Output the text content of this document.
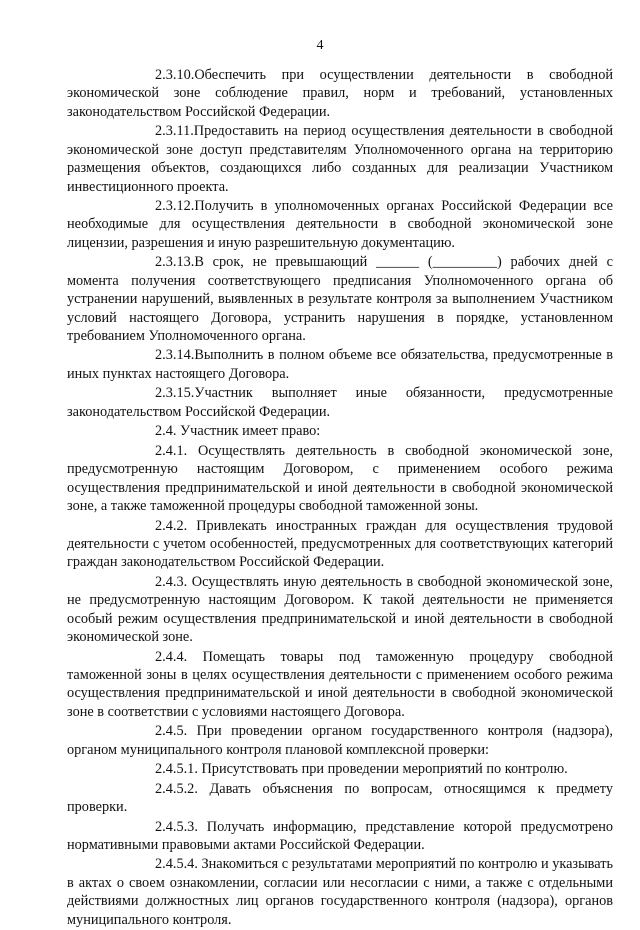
4

2.3.10.Обеспечить при осуществлении деятельности в свободной экономической зоне соблюдение правил, норм и требований, установленных законодательством Российской Федерации.

2.3.11.Предоставить на период осуществления деятельности в свободной экономической зоне доступ представителям Уполномоченного органа на территорию размещения объектов, создающихся либо созданных для реализации Участником инвестиционного проекта.

2.3.12.Получить в уполномоченных органах Российской Федерации все необходимые для осуществления деятельности в свободной экономической зоне лицензии, разрешения и иную разрешительную документацию.

2.3.13.В срок, не превышающий ______ (_________) рабочих дней с момента получения соответствующего предписания Уполномоченного органа об устранении нарушений, выявленных в результате контроля за выполнением Участником условий настоящего Договора, устранить нарушения в порядке, установленном требованием Уполномоченного органа.

2.3.14.Выполнить в полном объеме все обязательства, предусмотренные в иных пунктах настоящего Договора.

2.3.15.Участник выполняет иные обязанности, предусмотренные законодательством Российской Федерации.

2.4. Участник имеет право:

2.4.1. Осуществлять деятельность в свободной экономической зоне, предусмотренную настоящим Договором, с применением особого режима осуществления предпринимательской и иной деятельности в свободной экономической зоне, а также таможенной процедуры свободной таможенной зоны.

2.4.2. Привлекать иностранных граждан для осуществления трудовой деятельности с учетом особенностей, предусмотренных для соответствующих категорий граждан законодательством Российской Федерации.

2.4.3. Осуществлять иную деятельность в свободной экономической зоне, не предусмотренную настоящим Договором. К такой деятельности не применяется особый режим осуществления предпринимательской и иной деятельности в свободной экономической зоне.

2.4.4. Помещать товары под таможенную процедуру свободной таможенной зоны в целях осуществления деятельности с применением особого режима осуществления предпринимательской и иной деятельности в свободной экономической зоне в соответствии с условиями настоящего Договора.

2.4.5. При проведении органом государственного контроля (надзора), органом муниципального контроля плановой комплексной проверки:

2.4.5.1. Присутствовать при проведении мероприятий по контролю.

2.4.5.2. Давать объяснения по вопросам, относящимся к предмету проверки.

2.4.5.3. Получать информацию, представление которой предусмотрено нормативными правовыми актами Российской Федерации.

2.4.5.4. Знакомиться с результатами мероприятий по контролю и указывать в актах о своем ознакомлении, согласии или несогласии с ними, а также с отдельными действиями должностных лиц органов государственного контроля (надзора), органов муниципального контроля.
